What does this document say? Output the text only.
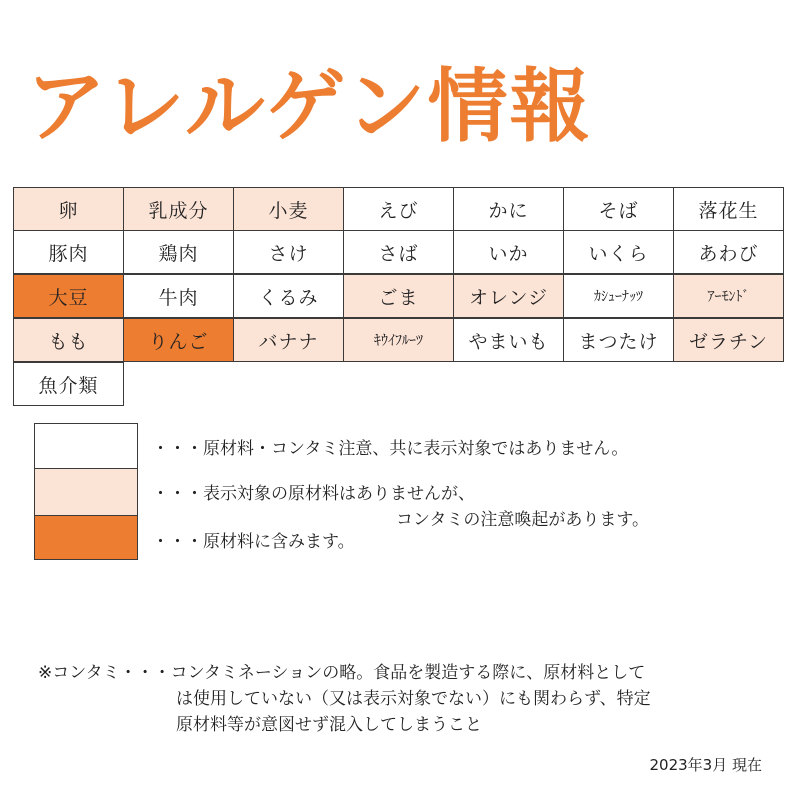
アレルゲン情報
卵	乳成分	小麦	えび	かに	そば	落花生
豚肉	鶏肉	さけ	さば	いか	いくら	あわび
大豆	牛肉	くるみ	ごま	オレンジ	ｶｼｭｰﾅｯﾂ	ｱｰﾓﾝﾄﾞ
もも	りんご	バナナ	ｷｳｲﾌﾙｰﾂ	やまいも	まつたけ	ゼラチン
魚介類
・・・原材料・コンタミ注意、共に表示対象ではありません。
・・・表示対象の原材料はありませんが、
コンタミの注意喚起があります。
・・・原材料に含みます。
※コンタミ・・・コンタミネーションの略。食品を製造する際に、原材料として
は使用していない（又は表示対象でない）にも関わらず、特定
原材料等が意図せず混入してしまうこと
2023年3月 現在
